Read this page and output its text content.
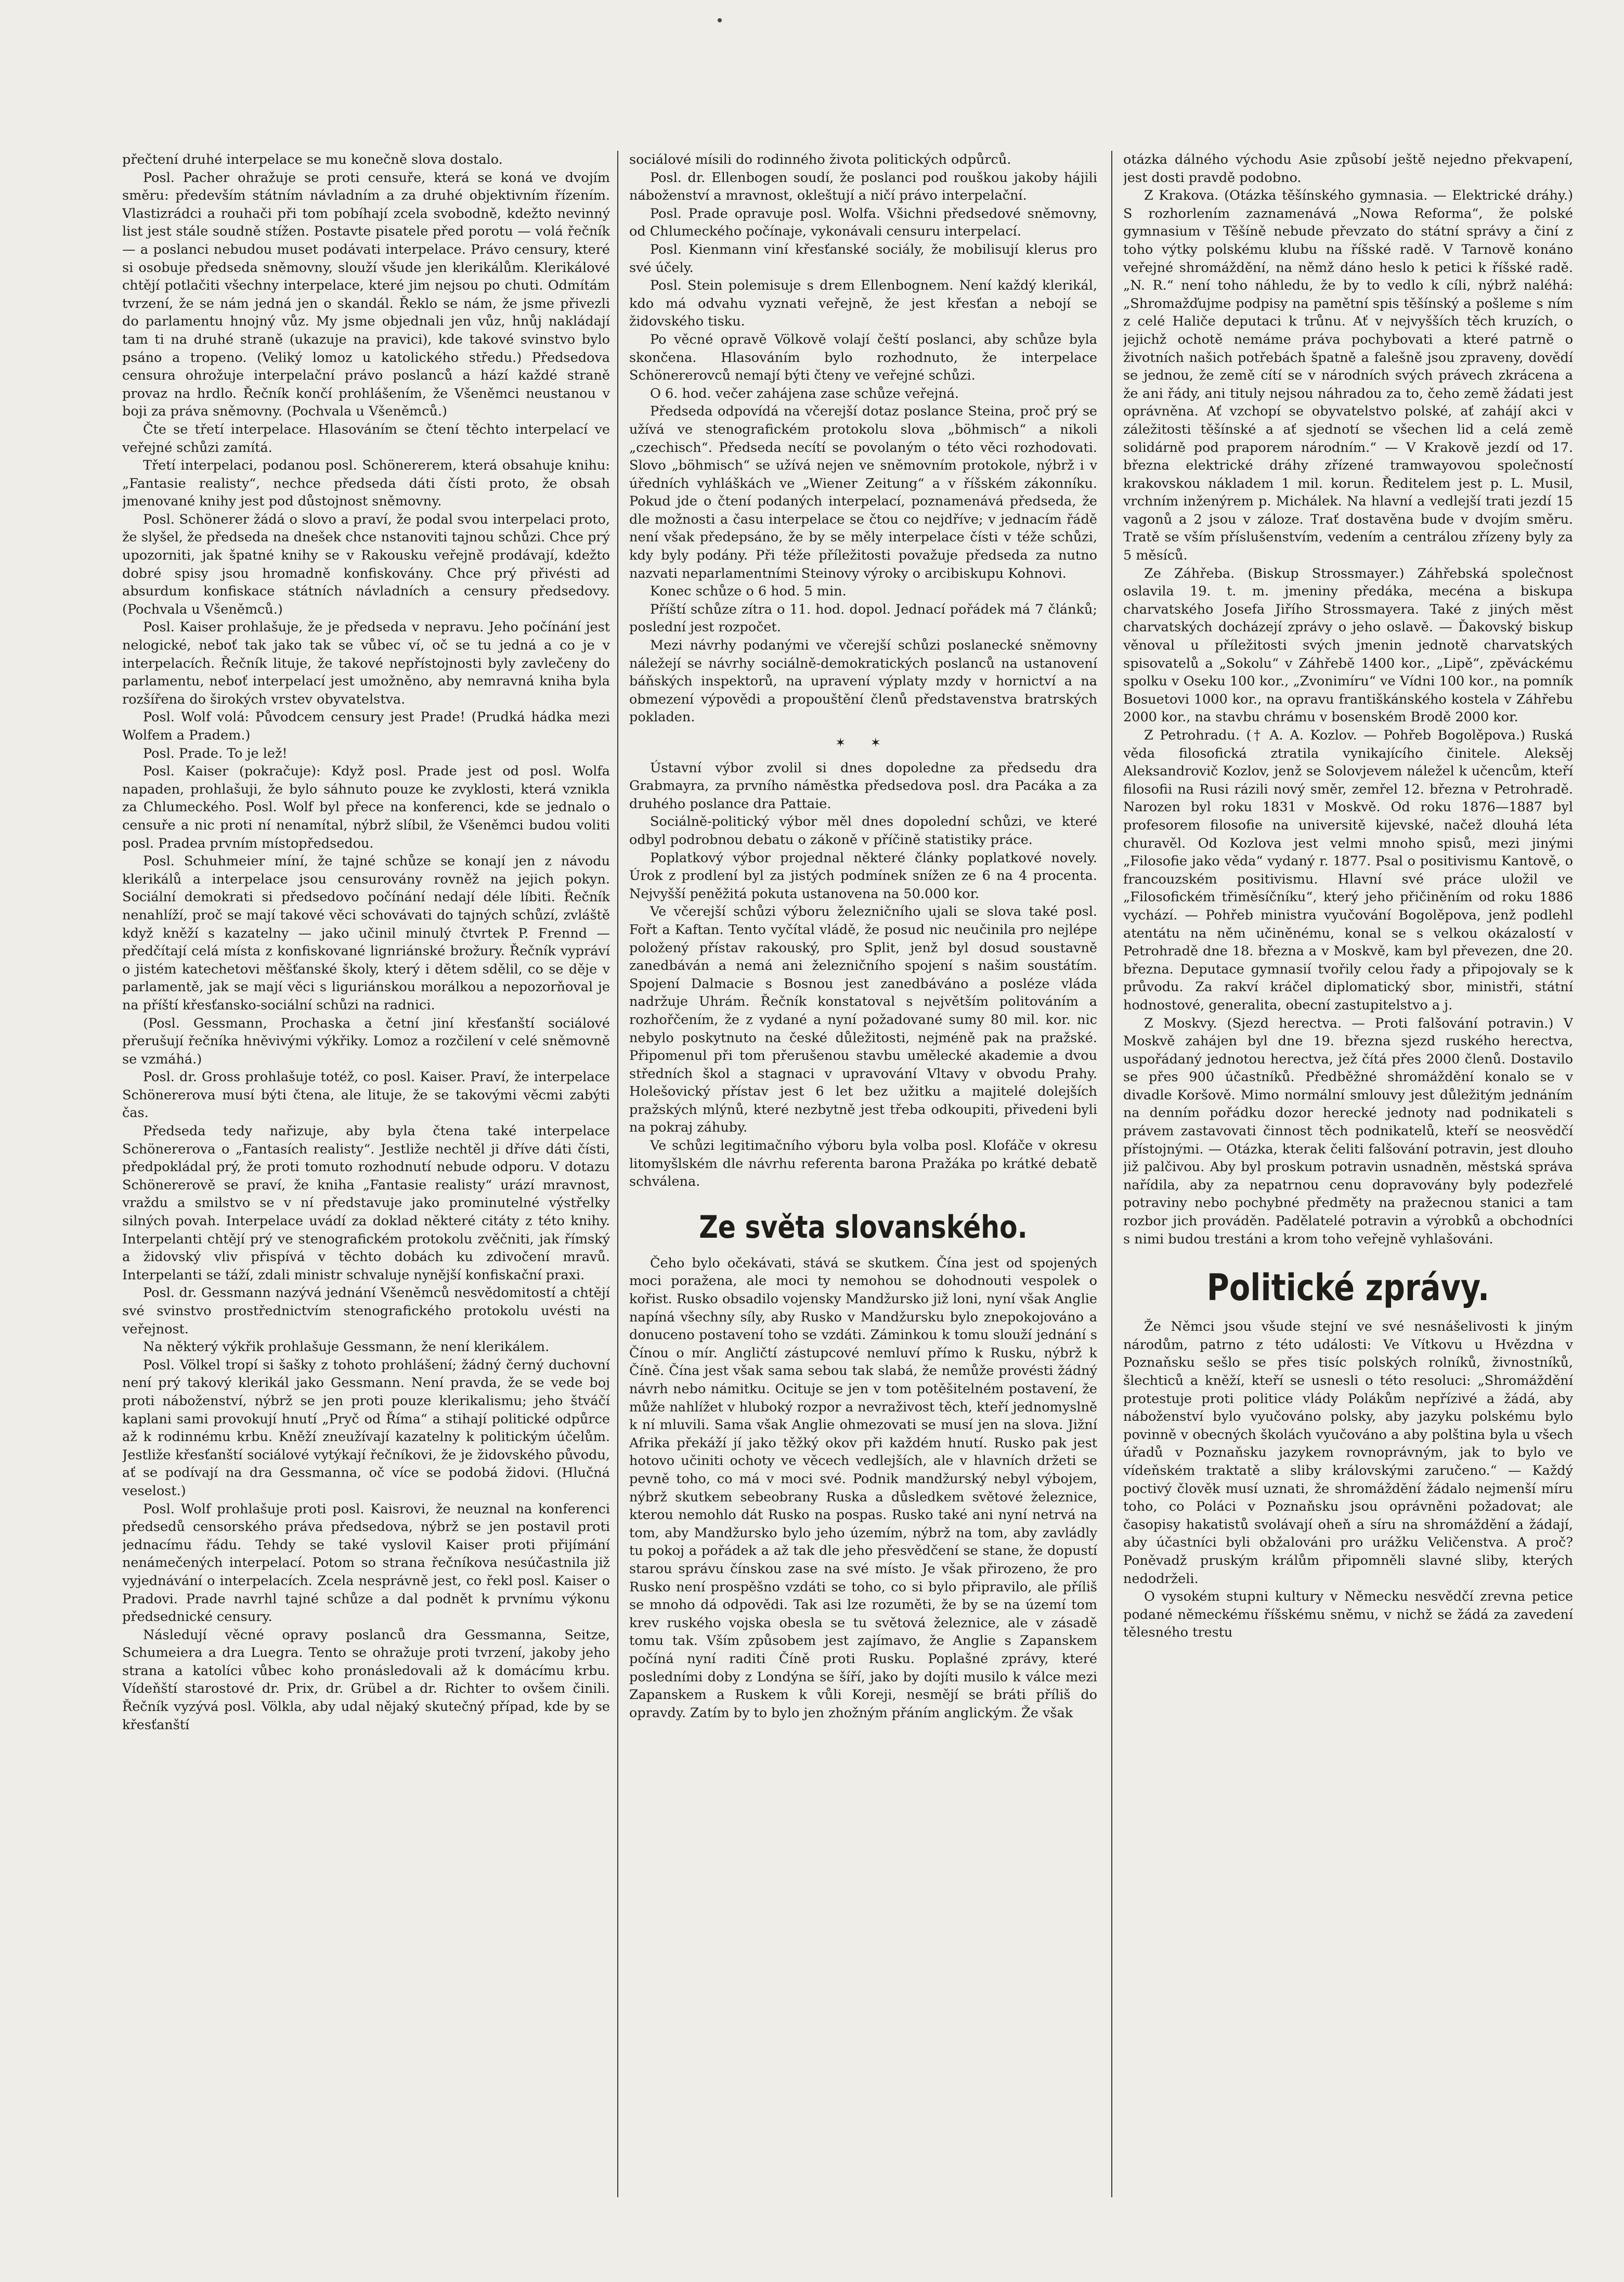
přečtení druhé interpelace se mu konečně slova dostalo.

Posl. Pacher ohražuje se proti censuře, která se koná ve dvojím směru: především státním návladním a za druhé objektivním řízením. Vlastizrádci a rouhači při tom pobíhají zcela svobodně, kdežto nevinný list jest stále soudně stížen. Postavte pisatele před porotu — volá řečník — a poslanci nebudou muset podávati interpelace. Právo censury, které si osobuje předseda sněmovny, slouží všude jen klerikálům. Klerikálové chtějí potlačiti všechny interpelace, které jim nejsou po chuti. Odmítám tvrzení, že se nám jedná jen o skandál. Řeklo se nám, že jsme přivezli do parlamentu hnojný vůz. My jsme objednali jen vůz, hnůj nakládají tam ti na druhé straně (ukazuje na pravici), kde takové svinstvo bylo psáno a tropeno. (Veliký lomoz u katolického středu.) Předsedova censura ohrožuje interpelační právo poslanců a hází každé straně provaz na hrdlo. Řečník končí prohlášením, že Všeněmci neustanou v boji za práva sněmovny. (Pochvala u Všeněmců.)

Čte se třetí interpelace. Hlasováním se čtení těchto interpelací ve veřejné schůzi zamítá.

Třetí interpelaci, podanou posl. Schönererem, která obsahuje knihu: „Fantasie realisty“, nechce předseda dáti čísti proto, že obsah jmenované knihy jest pod důstojnost sněmovny.

Posl. Schönerer žádá o slovo a praví, že podal svou interpelaci proto, že slyšel, že předseda na dnešek chce nstanoviti tajnou schůzi. Chce prý upozorniti, jak špatné knihy se v Rakousku veřejně prodávají, kdežto dobré spisy jsou hromadně konfiskovány. Chce prý přivésti ad absurdum konfiskace státních návladních a censury předsedovy. (Pochvala u Všeněmců.)

Posl. Kaiser prohlašuje, že je předseda v nepravu. Jeho počínání jest nelogické, neboť tak jako tak se vůbec ví, oč se tu jedná a co je v interpelacích. Řečník lituje, že takové nepřístojnosti byly zavlečeny do parlamentu, neboť interpelací jest umožněno, aby nemravná kniha byla rozšířena do širokých vrstev obyvatelstva.

Posl. Wolf volá: Původcem censury jest Prade! (Prudká hádka mezi Wolfem a Pradem.)

Posl. Prade. To je lež!

Posl. Kaiser (pokračuje): Když posl. Prade jest od posl. Wolfa napaden, prohlašuji, že bylo sáhnuto pouze ke zvyklosti, která vznikla za Chlumeckého. Posl. Wolf byl přece na konferenci, kde se jednalo o censuře a nic proti ní nenamítal, nýbrž slíbil, že Všeněmci budou voliti posl. Pradea prvním místopředsedou.

Posl. Schuhmeier míní, že tajné schůze se konají jen z návodu klerikálů a interpelace jsou censurovány rovněž na jejich pokyn. Sociální demokrati si předsedovo počínání nedají déle líbiti. Řečník nenahlíží, proč se mají takové věci schovávati do tajných schůzí, zvláště když kněží s kazatelny — jako učinil minulý čtvrtek P. Frennd — předčítají celá místa z konfiskované lignriánské brožury. Řečník vypráví o jistém katechetovi měšťanské školy, který i dětem sdělil, co se děje v parlamentě, jak se mají věci s liguriánskou morálkou a nepozorňoval je na příští křesťansko-sociální schůzi na radnici.

(Posl. Gessmann, Prochaska a četní jiní křesťanští sociálové přerušují řečníka hněvivými výkřiky. Lomoz a rozčilení v celé sněmovně se vzmáhá.)

Posl. dr. Gross prohlašuje totéž, co posl. Kaiser. Praví, že interpelace Schönererova musí býti čtena, ale lituje, že se takovými věcmi zabýti čas.

Předseda tedy nařizuje, aby byla čtena také interpelace Schönererova o „Fantasích realisty“. Jestliže nechtěl ji dříve dáti čísti, předpokládal prý, že proti tomuto rozhodnutí nebude odporu. V dotazu Schönererově se praví, že kniha „Fantasie realisty“ urází mravnost, vraždu a smilstvo se v ní představuje jako prominutelné výstřelky silných povah. Interpelace uvádí za doklad některé citáty z této knihy. Interpelanti chtějí prý ve stenografickém protokolu zvěčniti, jak římský a židovský vliv přispívá v těchto dobách ku zdivočení mravů. Interpelanti se táží, zdali ministr schvaluje nynější konfiskační praxi.

Posl. dr. Gessmann nazývá jednání Všeněmců nesvědomitostí a chtějí své svinstvo prostřednictvím stenografického protokolu uvésti na veřejnost.

Na některý výkřik prohlašuje Gessmann, že není klerikálem.

Posl. Völkel tropí si šašky z tohoto prohlášení; žádný černý duchovní není prý takový klerikál jako Gessmann. Není pravda, že se vede boj proti náboženství, nýbrž se jen proti pouze klerikalismu; jeho štváčí kaplani sami provokují hnutí „Pryč od Říma“ a stihají politické odpůrce až k rodinnému krbu. Kněží zneužívají kazatelny k politickým účelům. Jestliže křesťanští sociálové vytýkají řečníkovi, že je židovského původu, ať se podívají na dra Gessmanna, oč více se podobá židovi. (Hlučná veselost.)

Posl. Wolf prohlašuje proti posl. Kaisrovi, že neuznal na konferenci předsedů censorského práva předsedova, nýbrž se jen postavil proti jednacímu řádu. Tehdy se také vyslovil Kaiser proti přijímání nenámečených interpelací. Potom so strana řečníkova nesúčastnila již vyjednávání o interpelacích. Zcela nesprávně jest, co řekl posl. Kaiser o Pradovi. Prade navrhl tajné schůze a dal podnět k prvnímu výkonu předsednické censury.

Následují věcné opravy poslanců dra Gessmanna, Seitze, Schumeiera a dra Luegra. Tento se ohražuje proti tvrzení, jakoby jeho strana a katolíci vůbec koho pronásledovali až k domácímu krbu. Vídeňští starostové dr. Prix, dr. Grübel a dr. Richter to ovšem činili. Řečník vyzývá posl. Völkla, aby udal nějaký skutečný případ, kde by se křesťanští

sociálové mísili do rodinného života politických odpůrců.

Posl. dr. Ellenbogen soudí, že poslanci pod rouškou jakoby hájili náboženství a mravnost, okleštují a ničí právo interpelační.

Posl. Prade opravuje posl. Wolfa. Všichni předsedové sněmovny, od Chlumeckého počínaje, vykonávali censuru interpelací.

Posl. Kienmann viní křesťanské sociály, že mobilisují klerus pro své účely.

Posl. Stein polemisuje s drem Ellenbognem. Není každý klerikál, kdo má odvahu vyznati veřejně, že jest křesťan a nebojí se židovského tisku.

Po věcné opravě Völkově volají čeští poslanci, aby schůze byla skončena. Hlasováním bylo rozhodnuto, že interpelace Schönererovců nemají býti čteny ve veřejné schůzi.

O 6. hod. večer zahájena zase schůze veřejná.

Předseda odpovídá na včerejší dotaz poslance Steina, proč prý se užívá ve stenografickém protokolu slova „böhmisch“ a nikoli „czechisch“. Předseda necítí se povolaným o této věci rozhodovati. Slovo „böhmisch“ se užívá nejen ve sněmovním protokole, nýbrž i v úředních vyhláškách ve „Wiener Zeitung“ a v říšském zákonníku. Pokud jde o čtení podaných interpelací, poznamenává předseda, že dle možnosti a času interpelace se čtou co nejdříve; v jednacím řádě není však předepsáno, že by se měly interpelace čísti v téže schůzi, kdy byly podány. Při téže příležitosti považuje předseda za nutno nazvati neparlamentními Steinovy výroky o arcibiskupu Kohnovi.

Konec schůze o 6 hod. 5 min.

Příští schůze zítra o 11. hod. dopol. Jednací pořádek má 7 článků; poslední jest rozpočet.

Mezi návrhy podanými ve včerejší schůzi poslanecké sněmovny náležejí se návrhy sociálně-demokratických poslanců na ustanovení báňských inspektorů, na upravení výplaty mzdy v hornictví a na obmezení výpovědi a propouštění členů představenstva bratrských pokladen.

✶ ✶

Ústavní výbor zvolil si dnes dopoledne za předsedu dra Grabmayra, za prvního náměstka předsedova posl. dra Pacáka a za druhého poslance dra Pattaie.

Sociálně-politický výbor měl dnes dopolední schůzi, ve které odbyl podrobnou debatu o zákoně v příčině statistiky práce.

Poplatkový výbor projednal některé články poplatkové novely. Úrok z prodlení byl za jistých podmínek snížen ze 6 na 4 procenta. Nejvyšší peněžitá pokuta ustanovena na 50.000 kor.

Ve včerejší schůzi výboru železničního ujali se slova také posl. Fořt a Kaftan. Tento vyčítal vládě, že posud nic neučinila pro nejlépe položený přístav rakouský, pro Split, jenž byl dosud soustavně zanedbáván a nemá ani železničního spojení s našim soustátím. Spojení Dalmacie s Bosnou jest zanedbáváno a posléze vláda nadržuje Uhrám. Řečník konstatoval s největším politováním a rozhořčením, že z vydané a nyní požadované sumy 80 mil. kor. nic nebylo poskytnuto na české důležitosti, nejméně pak na pražské. Připomenul při tom přerušenou stavbu umělecké akademie a dvou středních škol a stagnaci v upravování Vltavy v obvodu Prahy. Holešovický přístav jest 6 let bez užitku a majitelé dolejších pražských mlýnů, které nezbytně jest třeba odkoupiti, přivedeni byli na pokraj záhuby.

Ve schůzi legitimačního výboru byla volba posl. Klofáče v okresu litomyšlském dle návrhu referenta barona Pražáka po krátké debatě schválena.

Ze světa slovanského.

Čeho bylo očekávati, stává se skutkem. Čína jest od spojených moci poražena, ale moci ty nemohou se dohodnouti vespolek o kořist. Rusko obsadilo vojensky Mandžursko již loni, nyní však Anglie napíná všechny síly, aby Rusko v Mandžursku bylo znepokojováno a donuceno postavení toho se vzdáti. Záminkou k tomu slouží jednání s Čínou o mír. Angličtí zástupcové nemluví přímo k Rusku, nýbrž k Číně. Čína jest však sama sebou tak slabá, že nemůže provésti žádný návrh nebo námitku. Ocituje se jen v tom potěšitelném postavení, že může nahlížet v hluboký rozpor a nevraživost těch, kteří jednomyslně k ní mluvili. Sama však Anglie ohmezovati se musí jen na slova. Jižní Afrika překáží jí jako těžký okov při každém hnutí. Rusko pak jest hotovo učiniti ochoty ve věcech vedlejších, ale v hlavních držeti se pevně toho, co má v moci své. Podnik mandžurský nebyl výbojem, nýbrž skutkem sebeobrany Ruska a důsledkem světové železnice, kterou nemohlo dát Rusko na pospas. Rusko také ani nyní netrvá na tom, aby Mandžursko bylo jeho územím, nýbrž na tom, aby zavládly tu pokoj a pořádek a až tak dle jeho přesvědčení se stane, že dopustí starou správu čínskou zase na své místo. Je však přirozeno, že pro Rusko není prospěšno vzdáti se toho, co si bylo připravilo, ale příliš se mnoho dá odpovědi. Tak asi lze rozuměti, že by se na území tom krev ruského vojska obesla se tu světová železnice, ale v zásadě tomu tak. Vším způsobem jest zajímavo, že Anglie s Zapanskem počíná nyní raditi Číně proti Rusku. Poplašné zprávy, které posledními doby z Londýna se šíří, jako by dojíti musilo k válce mezi Zapanskem a Ruskem k vůli Koreji, nesmějí se bráti příliš do opravdy. Zatím by to bylo jen zhožným přáním anglickým. Že však

otázka dálného východu Asie způsobí ještě nejedno překvapení, jest dosti pravdě podobno.

Z Krakova. (Otázka těšínského gymnasia. — Elektrické dráhy.) S rozhorlením zaznamenává „Nowa Reforma“, že polské gymnasium v Těšíně nebude převzato do státní správy a činí z toho výtky polskému klubu na říšské radě. V Tarnově konáno veřejné shromáždění, na němž dáno heslo k petici k říšské radě. „N. R.“ není toho náhledu, že by to vedlo k cíli, nýbrž naléhá: „Shromažďujme podpisy na pamětní spis těšínský a pošleme s ním z celé Haliče deputaci k trůnu. Ať v nejvyšších těch kruzích, o jejichž ochotě nemáme práva pochybovati a které patrně o životních našich potřebách špatně a falešně jsou zpraveny, dovědí se jednou, že země cítí se v národních svých právech zkrácena a že ani řády, ani tituly nejsou náhradou za to, čeho země žádati jest oprávněna. Ať vzchopí se obyvatelstvo polské, ať zahájí akci v záležitosti těšínské a ať sjednotí se všechen lid a celá země solidárně pod praporem národním.“ — V Krakově jezdí od 17. března elektrické dráhy zřízené tramwayovou společností krakovskou nákladem 1 mil. korun. Ředitelem jest p. L. Musil, vrchním inženýrem p. Michálek. Na hlavní a vedlejší trati jezdí 15 vagonů a 2 jsou v záloze. Trať dostavěna bude v dvojím směru. Tratě se vším příslušenstvím, vedením a centrálou zřízeny byly za 5 měsíců.

Ze Záhřeba. (Biskup Strossmayer.) Záhřebská společnost oslavila 19. t. m. jmeniny předáka, mecéna a biskupa charvatského Josefa Jiřího Strossmayera. Také z jiných měst charvatských docházejí zprávy o jeho oslavě. — Ďakovský biskup věnoval u příležitosti svých jmenin jednotě charvatských spisovatelů a „Sokolu“ v Záhřebě 1400 kor., „Lipě“, zpěváckému spolku v Oseku 100 kor., „Zvonimíru“ ve Vídni 100 kor., na pomník Bosuetovi 1000 kor., na opravu františkánského kostela v Záhřebu 2000 kor., na stavbu chrámu v bosenském Brodě 2000 kor.

Z Petrohradu. († A. A. Kozlov. — Pohřeb Bogolěpova.) Ruská věda filosofická ztratila vynikajícího činitele. Aleksěj Aleksandrovič Kozlov, jenž se Solovjevem náležel k učencům, kteří filosofii na Rusi rázili nový směr, zemřel 12. března v Petrohradě. Narozen byl roku 1831 v Moskvě. Od roku 1876—1887 byl profesorem filosofie na universitě kijevské, načež dlouhá léta churavěl. Od Kozlova jest velmi mnoho spisů, mezi jinými „Filosofie jako věda“ vydaný r. 1877. Psal o positivismu Kantově, o francouzském positivismu. Hlavní své práce uložil ve „Filosofickém třiměsíčníku“, který jeho přičiněním od roku 1886 vychází. — Pohřeb ministra vyučování Bogolěpova, jenž podlehl atentátu na něm učiněnému, konal se s velkou okázalostí v Petrohradě dne 18. března a v Moskvě, kam byl převezen, dne 20. března. Deputace gymnasií tvořily celou řady a připojovaly se k průvodu. Za rakví kráčel diplomatický sbor, ministři, státní hodnostové, generalita, obecní zastupitelstvo a j.

Z Moskvy. (Sjezd herectva. — Proti falšování potravin.) V Moskvě zahájen byl dne 19. března sjezd ruského herectva, uspořádaný jednotou herectva, jež čítá přes 2000 členů. Dostavilo se přes 900 účastníků. Předběžné shromáždění konalo se v divadle Koršově. Mimo normální smlouvy jest důležitým jednáním na denním pořádku dozor herecké jednoty nad podnikateli s právem zastavovati činnost těch podnikatelů, kteří se neosvědčí přístojnými. — Otázka, kterak čeliti falšování potravin, jest dlouho již palčivou. Aby byl proskum potravin usnadněn, městská správa nařídila, aby za nepatrnou cenu dopravovány byly podezřelé potraviny nebo pochybné předměty na pražecnou stanici a tam rozbor jich prováděn. Padělatelé potravin a výrobků a obchodníci s nimi budou trestáni a krom toho veřejně vyhlašováni.

Politické zprávy.

Že Němci jsou všude stejní ve své nesnášelivosti k jiným národům, patrno z této události: Ve Vítkovu u Hvězdna v Poznaňsku sešlo se přes tisíc polských rolníků, živnostníků, šlechticů a kněží, kteří se usnesli o této resoluci: „Shromáždění protestuje proti politice vlády Polákům nepřízivé a žádá, aby náboženství bylo vyučováno polsky, aby jazyku polskému bylo povinně v obecných školách vyučováno a aby polština byla u všech úřadů v Poznaňsku jazykem rovnoprávným, jak to bylo ve vídeňském traktatě a sliby královskými zaručeno.“ — Každý poctivý člověk musí uznati, že shromáždění žádalo nejmenší míru toho, co Poláci v Poznaňsku jsou oprávněni požadovat; ale časopisy hakatistů svolávají oheň a síru na shromáždění a žádají, aby účastníci byli obžalováni pro urážku Veličenstva. A proč? Poněvadž pruským králům připomněli slavné sliby, kterých nedodrželi.

O vysokém stupni kultury v Německu nesvědčí zrevna petice podané německému říšskému sněmu, v nichž se žádá za zavedení tělesného trestu
